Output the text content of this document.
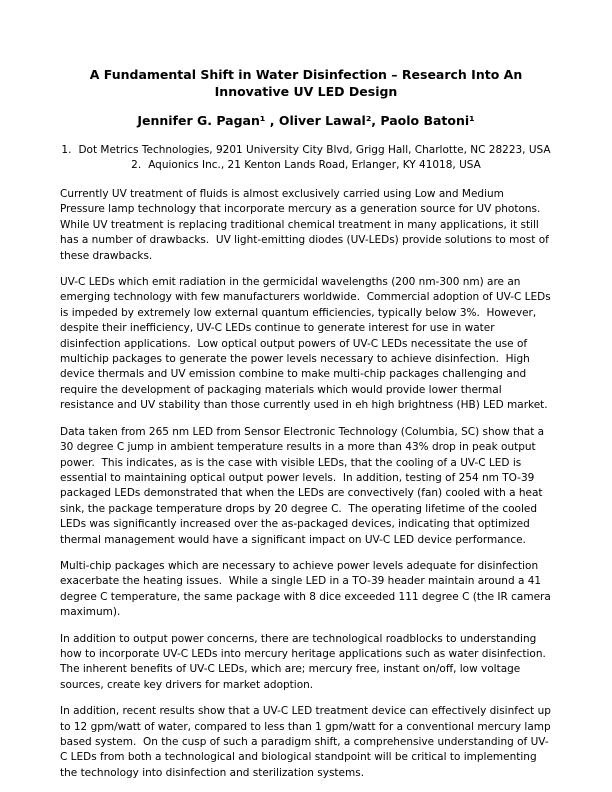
A Fundamental Shift in Water Disinfection – Research Into An
Innovative UV LED Design
Jennifer G. Pagan¹ , Oliver Lawal², Paolo Batoni¹
1. Dot Metrics Technologies, 9201 University City Blvd, Grigg Hall, Charlotte, NC 28223, USA
2. Aquionics Inc., 21 Kenton Lands Road, Erlanger, KY 41018, USA

Currently UV treatment of fluids is almost exclusively carried using Low and Medium Pressure lamp technology that incorporate mercury as a generation source for UV photons.  While UV treatment is replacing traditional chemical treatment in many applications, it still has a number of drawbacks.  UV light-emitting diodes (UV-LEDs) provide solutions to most of these drawbacks.

UV-C LEDs which emit radiation in the germicidal wavelengths (200 nm-300 nm) are an emerging technology with few manufacturers worldwide.  Commercial adoption of UV-C LEDs is impeded by extremely low external quantum efficiencies, typically below 3%.  However, despite their inefficiency, UV-C LEDs continue to generate interest for use in water disinfection applications.  Low optical output powers of UV-C LEDs necessitate the use of multichip packages to generate the power levels necessary to achieve disinfection.  High device thermals and UV emission combine to make multi-chip packages challenging and require the development of packaging materials which would provide lower thermal resistance and UV stability than those currently used in eh high brightness (HB) LED market.

Data taken from 265 nm LED from Sensor Electronic Technology (Columbia, SC) show that a 30 degree C jump in ambient temperature results in a more than 43% drop in peak output power.  This indicates, as is the case with visible LEDs, that the cooling of a UV-C LED is essential to maintaining optical output power levels.  In addition, testing of 254 nm TO-39 packaged LEDs demonstrated that when the LEDs are convectively (fan) cooled with a heat sink, the package temperature drops by 20 degree C.  The operating lifetime of the cooled LEDs was significantly increased over the as-packaged devices, indicating that optimized thermal management would have a significant impact on UV-C LED device performance.

Multi-chip packages which are necessary to achieve power levels adequate for disinfection exacerbate the heating issues.  While a single LED in a TO-39 header maintain around a 41 degree C temperature, the same package with 8 dice exceeded 111 degree C (the IR camera maximum).

In addition to output power concerns, there are technological roadblocks to understanding how to incorporate UV-C LEDs into mercury heritage applications such as water disinfection.  The inherent benefits of UV-C LEDs, which are; mercury free, instant on/off, low voltage sources, create key drivers for market adoption.

In addition, recent results show that a UV-C LED treatment device can effectively disinfect up to 12 gpm/watt of water, compared to less than 1 gpm/watt for a conventional mercury lamp based system.  On the cusp of such a paradigm shift, a comprehensive understanding of UV-C LEDs from both a technological and biological standpoint will be critical to implementing the technology into disinfection and sterilization systems.
